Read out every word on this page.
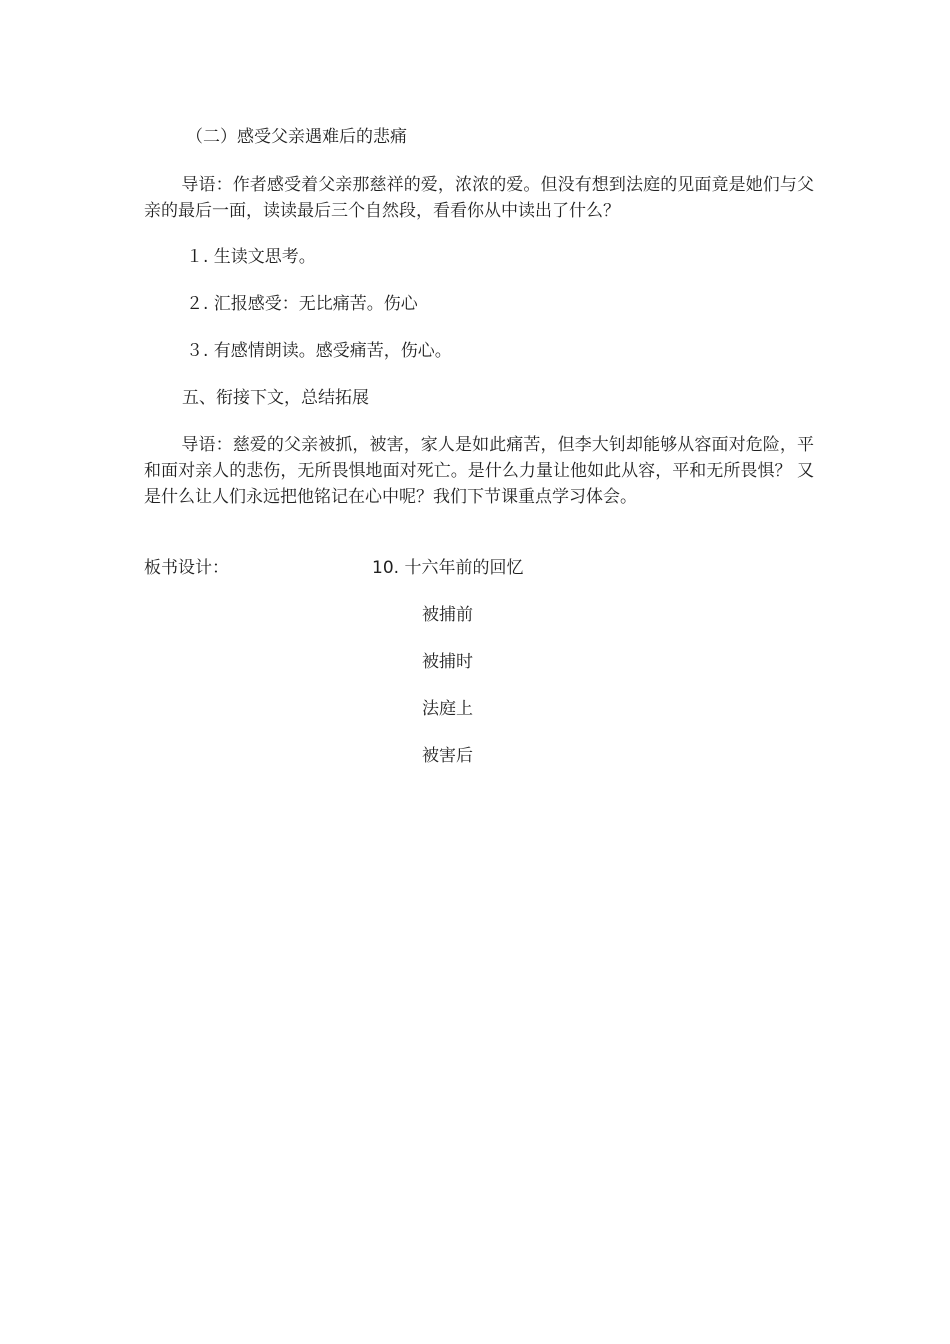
（二）感受父亲遇难后的悲痛
导语：作者感受着父亲那慈祥的爱，浓浓的爱。但没有想到法庭的见面竟是她们与父亲的最后一面，读读最后三个自然段，看看你从中读出了什么？
１. 生读文思考。
２. 汇报感受：无比痛苦。伤心
３. 有感情朗读。感受痛苦，伤心。
五、衔接下文，总结拓展
导语：慈爱的父亲被抓，被害，家人是如此痛苦，但李大钊却能够从容面对危险，平和面对亲人的悲伤，无所畏惧地面对死亡。是什么力量让他如此从容，平和无所畏惧？ 又是什么让人们永远把他铭记在心中呢？我们下节课重点学习体会。
板书设计：	10. 十六年前的回忆
被捕前
被捕时
法庭上
被害后
